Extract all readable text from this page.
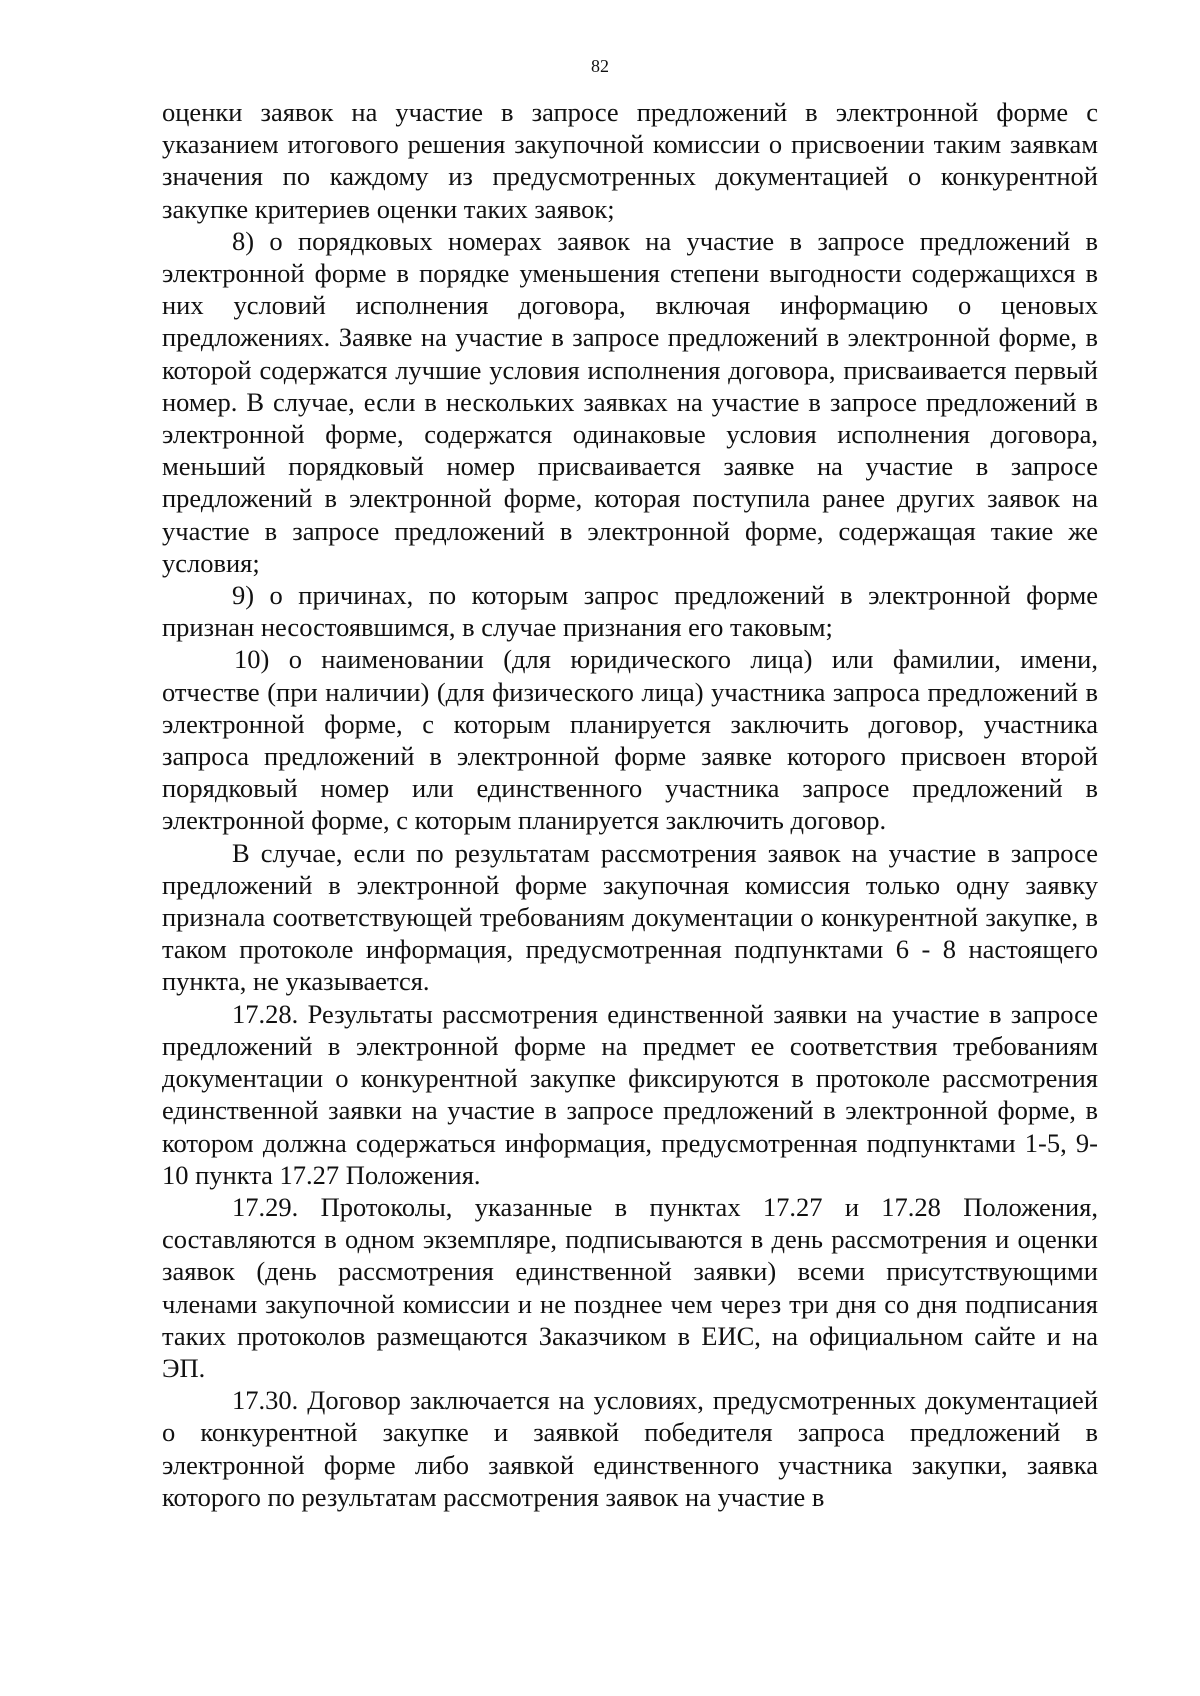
82

оценки заявок на участие в запросе предложений в электронной форме с указанием итогового решения закупочной комиссии о присвоении таким заявкам значения по каждому из предусмотренных документацией о конкурентной закупке критериев оценки таких заявок;

8) о порядковых номерах заявок на участие в запросе предложений в электронной форме в порядке уменьшения степени выгодности содержащихся в них условий исполнения договора, включая информацию о ценовых предложениях. Заявке на участие в запросе предложений в электронной форме, в которой содержатся лучшие условия исполнения договора, присваивается первый номер. В случае, если в нескольких заявках на участие в запросе предложений в электронной форме, содержатся одинаковые условия исполнения договора, меньший порядковый номер присваивается заявке на участие в запросе предложений в электронной форме, которая поступила ранее других заявок на участие в запросе предложений в электронной форме, содержащая такие же условия;

9) о причинах, по которым запрос предложений в электронной форме признан несостоявшимся, в случае признания его таковым;

10) о наименовании (для юридического лица) или фамилии, имени, отчестве (при наличии) (для физического лица) участника запроса предложений в электронной форме, с которым планируется заключить договор, участника запроса предложений в электронной форме заявке которого присвоен второй порядковый номер или единственного участника запросе предложений в электронной форме, с которым планируется заключить договор.

В случае, если по результатам рассмотрения заявок на участие в запросе предложений в электронной форме закупочная комиссия только одну заявку признала соответствующей требованиям документации о конкурентной закупке, в таком протоколе информация, предусмотренная подпунктами 6 - 8 настоящего пункта, не указывается.

17.28. Результаты рассмотрения единственной заявки на участие в запросе предложений в электронной форме на предмет ее соответствия требованиям документации о конкурентной закупке фиксируются в протоколе рассмотрения единственной заявки на участие в запросе предложений в электронной форме, в котором должна содержаться информация, предусмотренная подпунктами 1-5, 9-10 пункта 17.27 Положения.

17.29. Протоколы, указанные в пунктах 17.27 и 17.28 Положения, составляются в одном экземпляре, подписываются в день рассмотрения и оценки заявок (день рассмотрения единственной заявки) всеми присутствующими членами закупочной комиссии и не позднее чем через три дня со дня подписания таких протоколов размещаются Заказчиком в ЕИС, на официальном сайте и на ЭП.

17.30. Договор заключается на условиях, предусмотренных документацией о конкурентной закупке и заявкой победителя запроса предложений в электронной форме либо заявкой единственного участника закупки, заявка которого по результатам рассмотрения заявок на участие в
